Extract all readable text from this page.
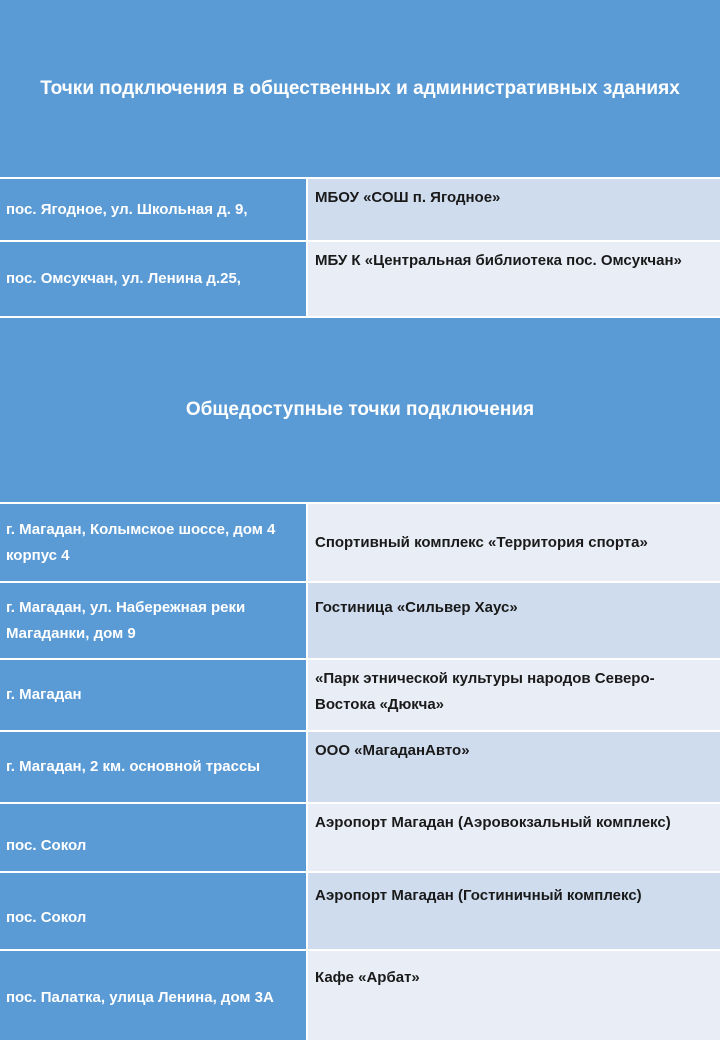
Точки подключения в общественных и административных зданиях
пос. Ягодное, ул. Школьная д. 9,
МБОУ «СОШ п. Ягодное»
пос. Омсукчан, ул. Ленина д.25,
МБУ К «Центральная библиотека пос. Омсукчан»
Общедоступные точки подключения
г. Магадан, Колымское шоссе, дом 4 корпус 4
Спортивный комплекс «Территория спорта»
г. Магадан, ул. Набережная реки Магаданки, дом 9
Гостиница «Сильвер Хаус»
г. Магадан
«Парк этнической культуры народов Северо-Востока «Дюкча»
г. Магадан, 2 км. основной трассы
ООО «МагаданАвто»
пос. Сокол
Аэропорт Магадан (Аэровокзальный комплекс)
пос. Сокол
Аэропорт Магадан (Гостиничный комплекс)
пос. Палатка, улица Ленина, дом 3А
Кафе «Арбат»
